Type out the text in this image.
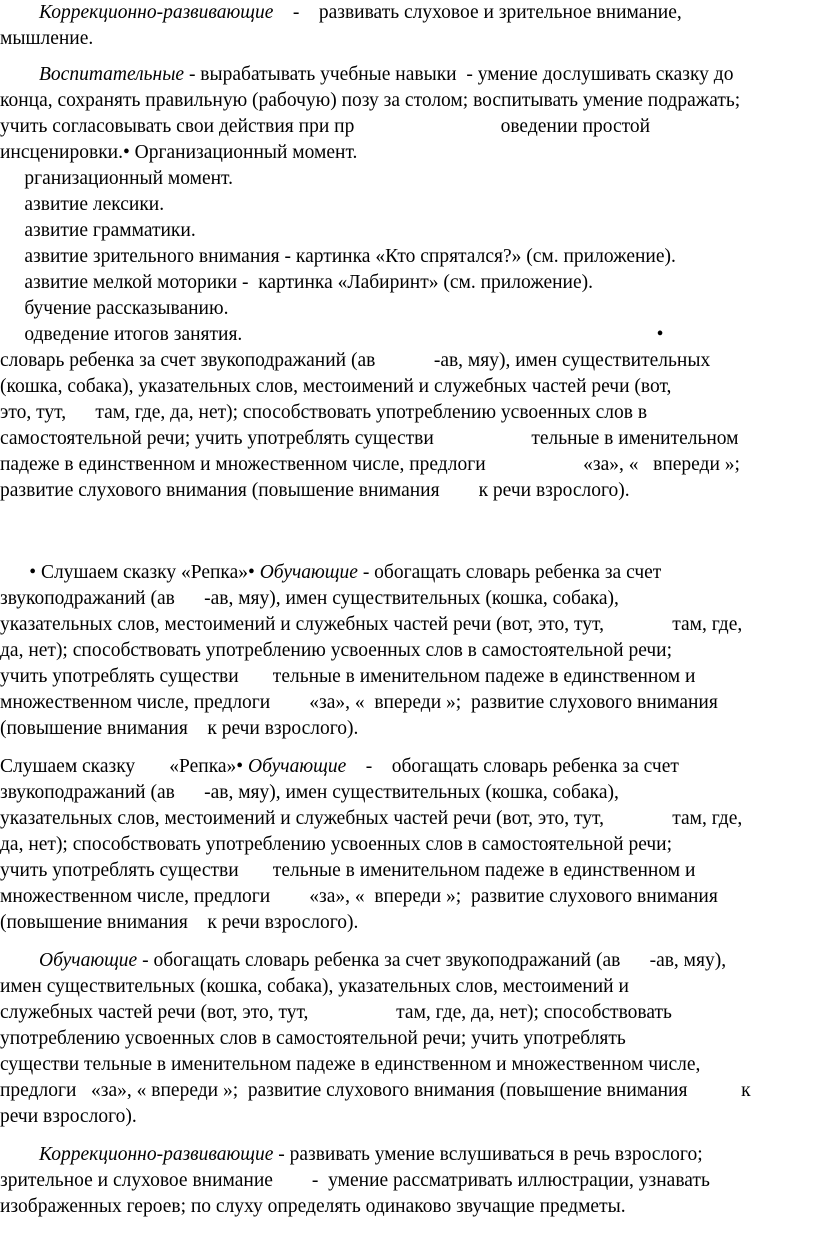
Коррекционно-развивающие    -    развивать слуховое и зрительное внимание,
мышление.
Воспитательные - вырабатывать учебные навыки  - умение дослушивать сказку до
конца, сохранять правильную (рабочую) позу за столом; воспитывать умение подражать;
учить согласовывать свои действия при пр                              оведении простой
инсценировки.• Организационный момент.
рганизационный момент.
азвитие лексики.
азвитие грамматики.
азвитие зрительного внимания - картинка «Кто спрятался?» (см. приложение).
азвитие мелкой моторики -  картинка «Лабиринт» (см. приложение).
бучение рассказыванию.
одведение итогов занятия.                                                                                     •
словарь ребенка за счет звукоподражаний (ав            -ав, мяу), имен существительных
(кошка, собака), указательных слов, местоимений и служебных частей речи (вот,
это, тут,      там, где, да, нет); способствовать употреблению усвоенных слов в
самостоятельной речи; учить употреблять существи                    тельные в именительном
падеже в единственном и множественном числе, предлоги                    «за», «   впереди »;
развитие слухового внимания (повышение внимания        к речи взрослого).
• Слушаем сказку «Репка»• Обучающие - обогащать словарь ребенка за счет
звукоподражаний (ав      -ав, мяу), имен существительных (кошка, собака),
указательных слов, местоимений и служебных частей речи (вот, это, тут,              там, где,
да, нет); способствовать употреблению усвоенных слов в самостоятельной речи;
учить употреблять существи       тельные в именительном падеже в единственном и
множественном числе, предлоги        «за», «  впереди »;  развитие слухового внимания
(повышение внимания    к речи взрослого).
Слушаем сказку       «Репка»• Обучающие    -    обогащать словарь ребенка за счет
звукоподражаний (ав      -ав, мяу), имен существительных (кошка, собака),
указательных слов, местоимений и служебных частей речи (вот, это, тут,              там, где,
да, нет); способствовать употреблению усвоенных слов в самостоятельной речи;
учить употреблять существи       тельные в именительном падеже в единственном и
множественном числе, предлоги        «за», «  впереди »;  развитие слухового внимания
(повышение внимания    к речи взрослого).
Обучающие - обогащать словарь ребенка за счет звукоподражаний (ав      -ав, мяу),
имен существительных (кошка, собака), указательных слов, местоимений и
служебных частей речи (вот, это, тут,                  там, где, да, нет); способствовать
употреблению усвоенных слов в самостоятельной речи; учить употреблять
существи тельные в именительном падеже в единственном и множественном числе,
предлоги   «за», « впереди »;  развитие слухового внимания (повышение внимания           к
речи взрослого).
Коррекционно-развивающие - развивать умение вслушиваться в речь взрослого;
зрительное и слуховое внимание        -  умение рассматривать иллюстрации, узнавать
изображенных героев; по слуху определять одинаково звучащие предметы.
